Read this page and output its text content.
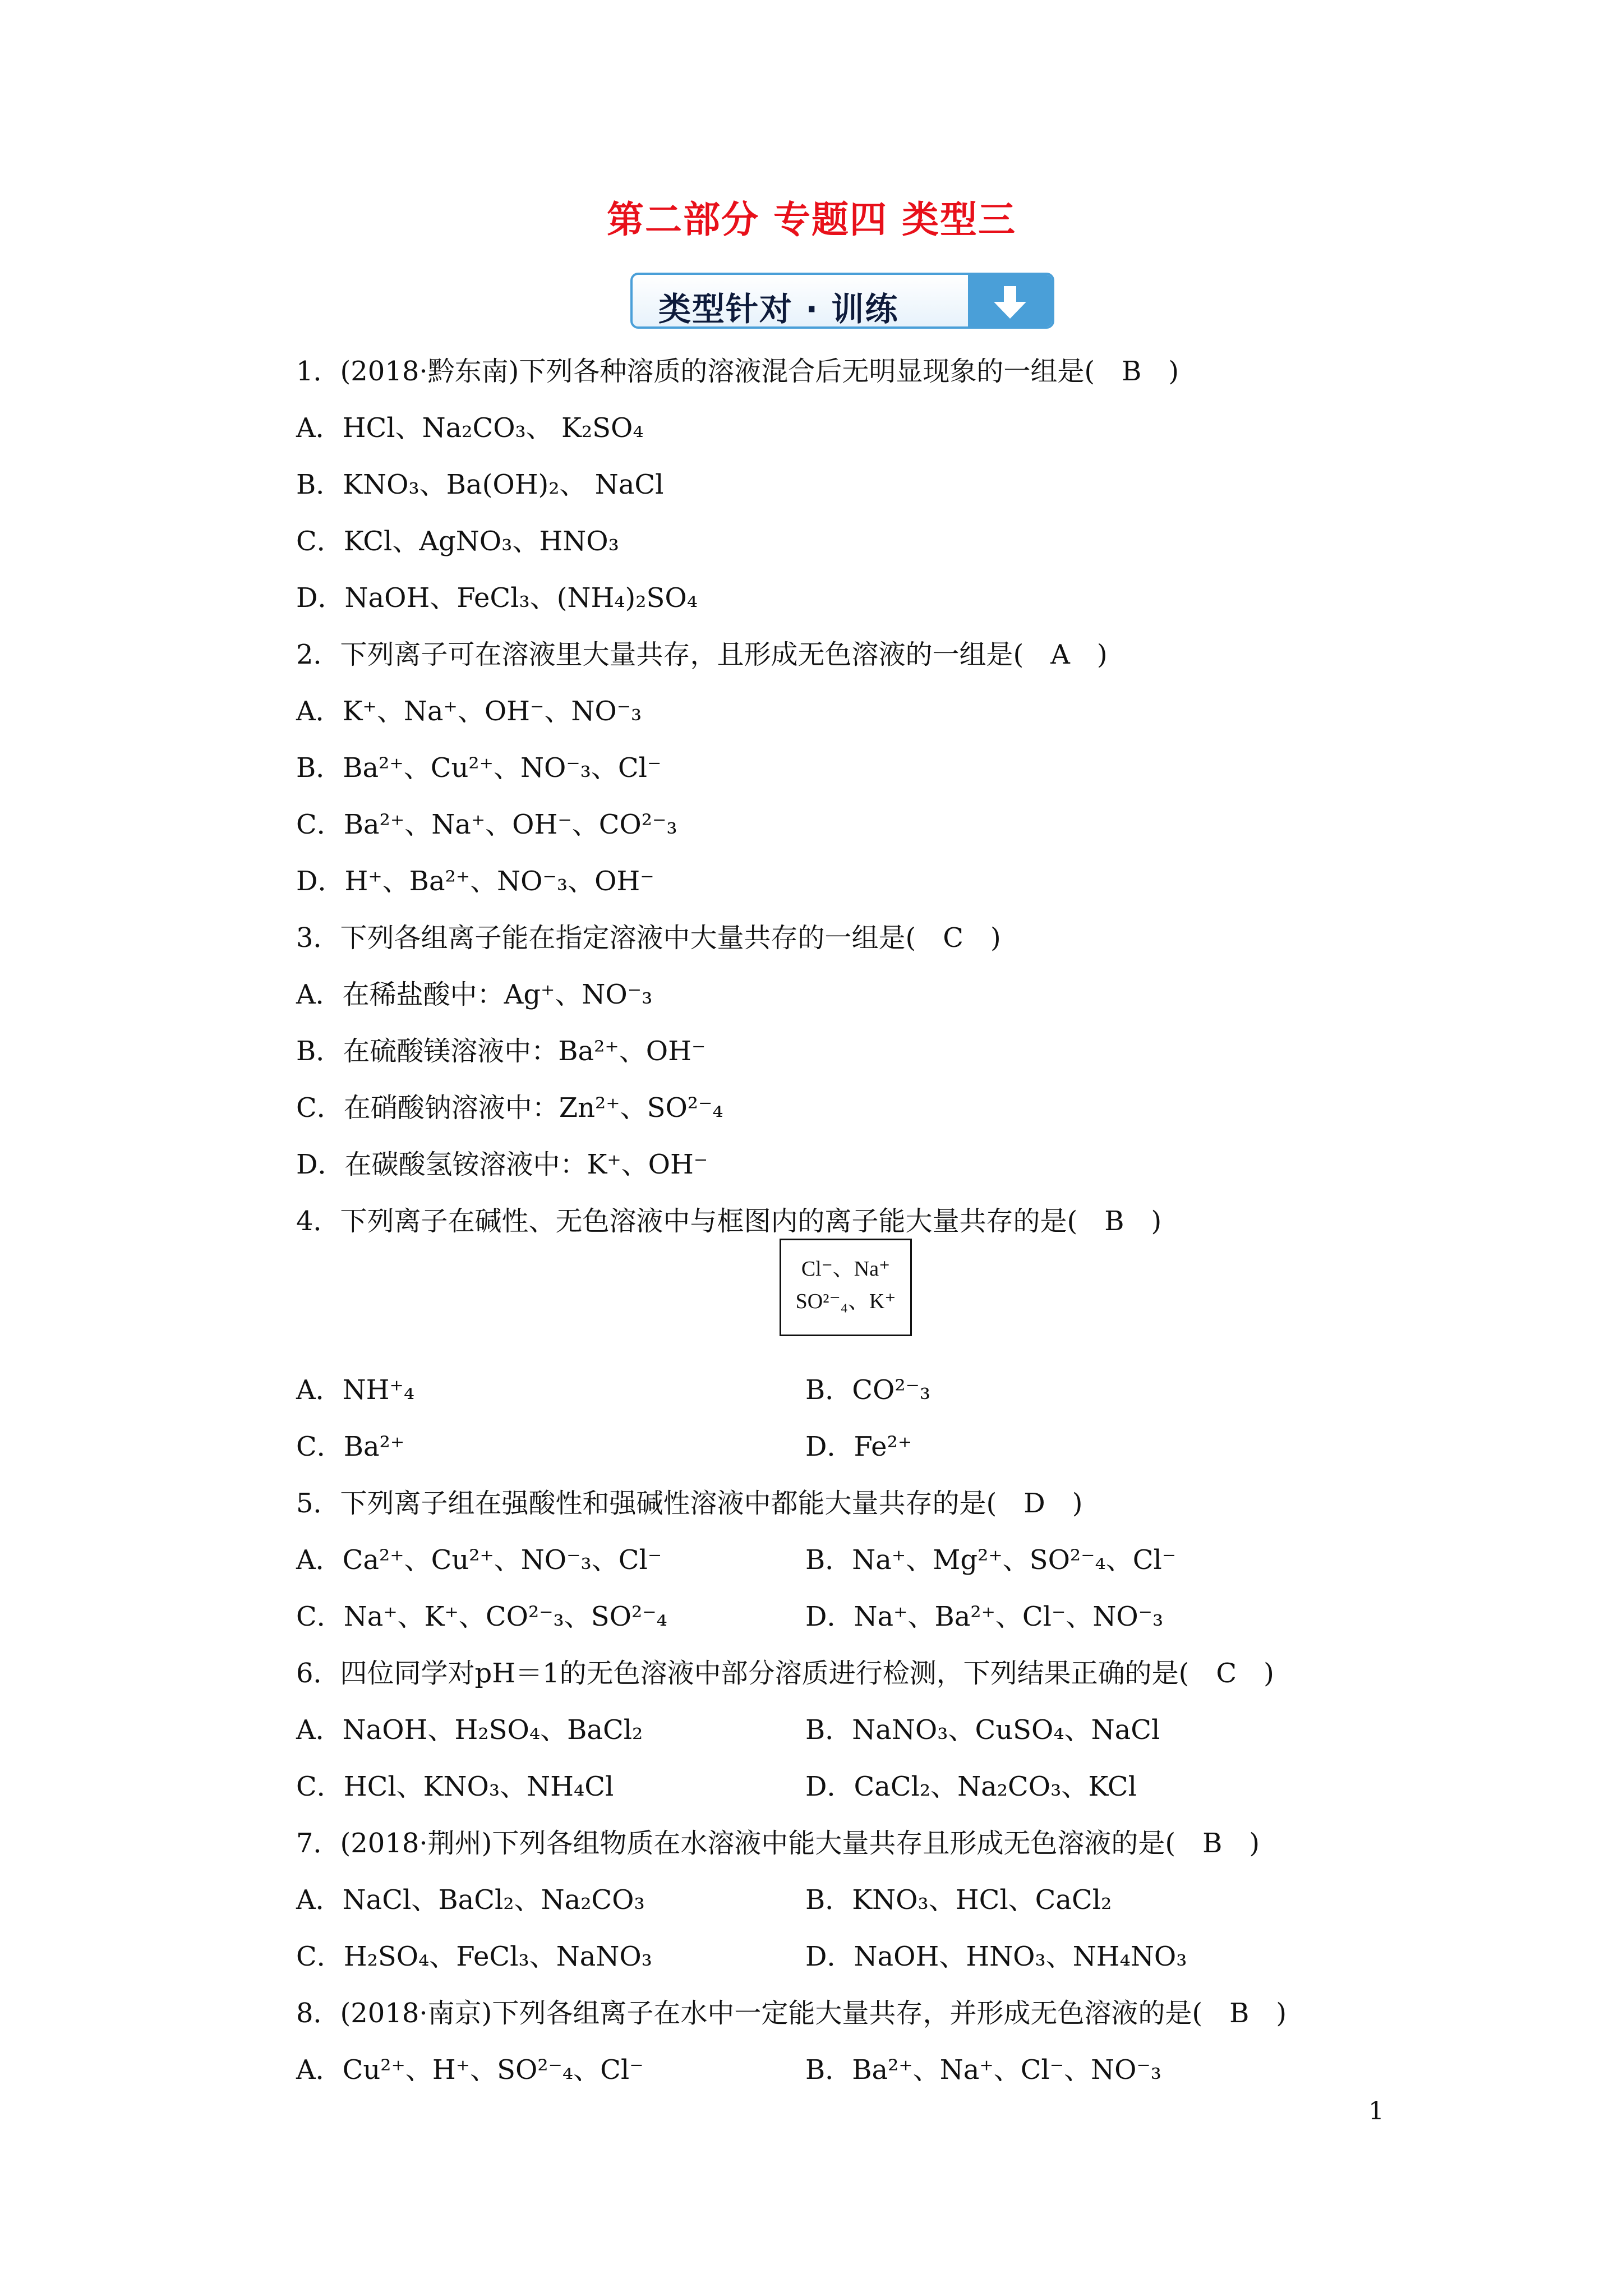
第二部分 专题四 类型三
类型针对 · 训练
1．(2018·黔东南)下列各种溶质的溶液混合后无明显现象的一组是(　B　)
A．HCl、Na₂CO₃、 K₂SO₄
B．KNO₃、Ba(OH)₂、 NaCl
C．KCl、AgNO₃、HNO₃
D．NaOH、FeCl₃、(NH₄)₂SO₄
2．下列离子可在溶液里大量共存，且形成无色溶液的一组是(　A　)
A．K⁺、Na⁺、OH⁻、NO⁻₃
B．Ba²⁺、Cu²⁺、NO⁻₃、Cl⁻
C．Ba²⁺、Na⁺、OH⁻、CO²⁻₃
D．H⁺、Ba²⁺、NO⁻₃、OH⁻
3．下列各组离子能在指定溶液中大量共存的一组是(　C　)
A．在稀盐酸中：Ag⁺、NO⁻₃
B．在硫酸镁溶液中：Ba²⁺、OH⁻
C．在硝酸钠溶液中：Zn²⁺、SO²⁻₄
D．在碳酸氢铵溶液中：K⁺、OH⁻
4．下列离子在碱性、无色溶液中与框图内的离子能大量共存的是(　B　)
A．NH⁺₄	B．CO²⁻₃
C．Ba²⁺	D．Fe²⁺
5．下列离子组在强酸性和强碱性溶液中都能大量共存的是(　D　)
A．Ca²⁺、Cu²⁺、NO⁻₃、Cl⁻	B．Na⁺、Mg²⁺、SO²⁻₄、Cl⁻
C．Na⁺、K⁺、CO²⁻₃、SO²⁻₄	D．Na⁺、Ba²⁺、Cl⁻、NO⁻₃
6．四位同学对pH＝1的无色溶液中部分溶质进行检测，下列结果正确的是(　C　)
A．NaOH、H₂SO₄、BaCl₂	B．NaNO₃、CuSO₄、NaCl
C．HCl、KNO₃、NH₄Cl	D．CaCl₂、Na₂CO₃、KCl
7．(2018·荆州)下列各组物质在水溶液中能大量共存且形成无色溶液的是(　B　)
A．NaCl、BaCl₂、Na₂CO₃	B．KNO₃、HCl、CaCl₂
C．H₂SO₄、FeCl₃、NaNO₃	D．NaOH、HNO₃、NH₄NO₃
8．(2018·南京)下列各组离子在水中一定能大量共存，并形成无色溶液的是(　B　)
A．Cu²⁺、H⁺、SO²⁻₄、Cl⁻	B．Ba²⁺、Na⁺、Cl⁻、NO⁻₃
Cl⁻、Na⁺
SO²⁻₄、K⁺
1
